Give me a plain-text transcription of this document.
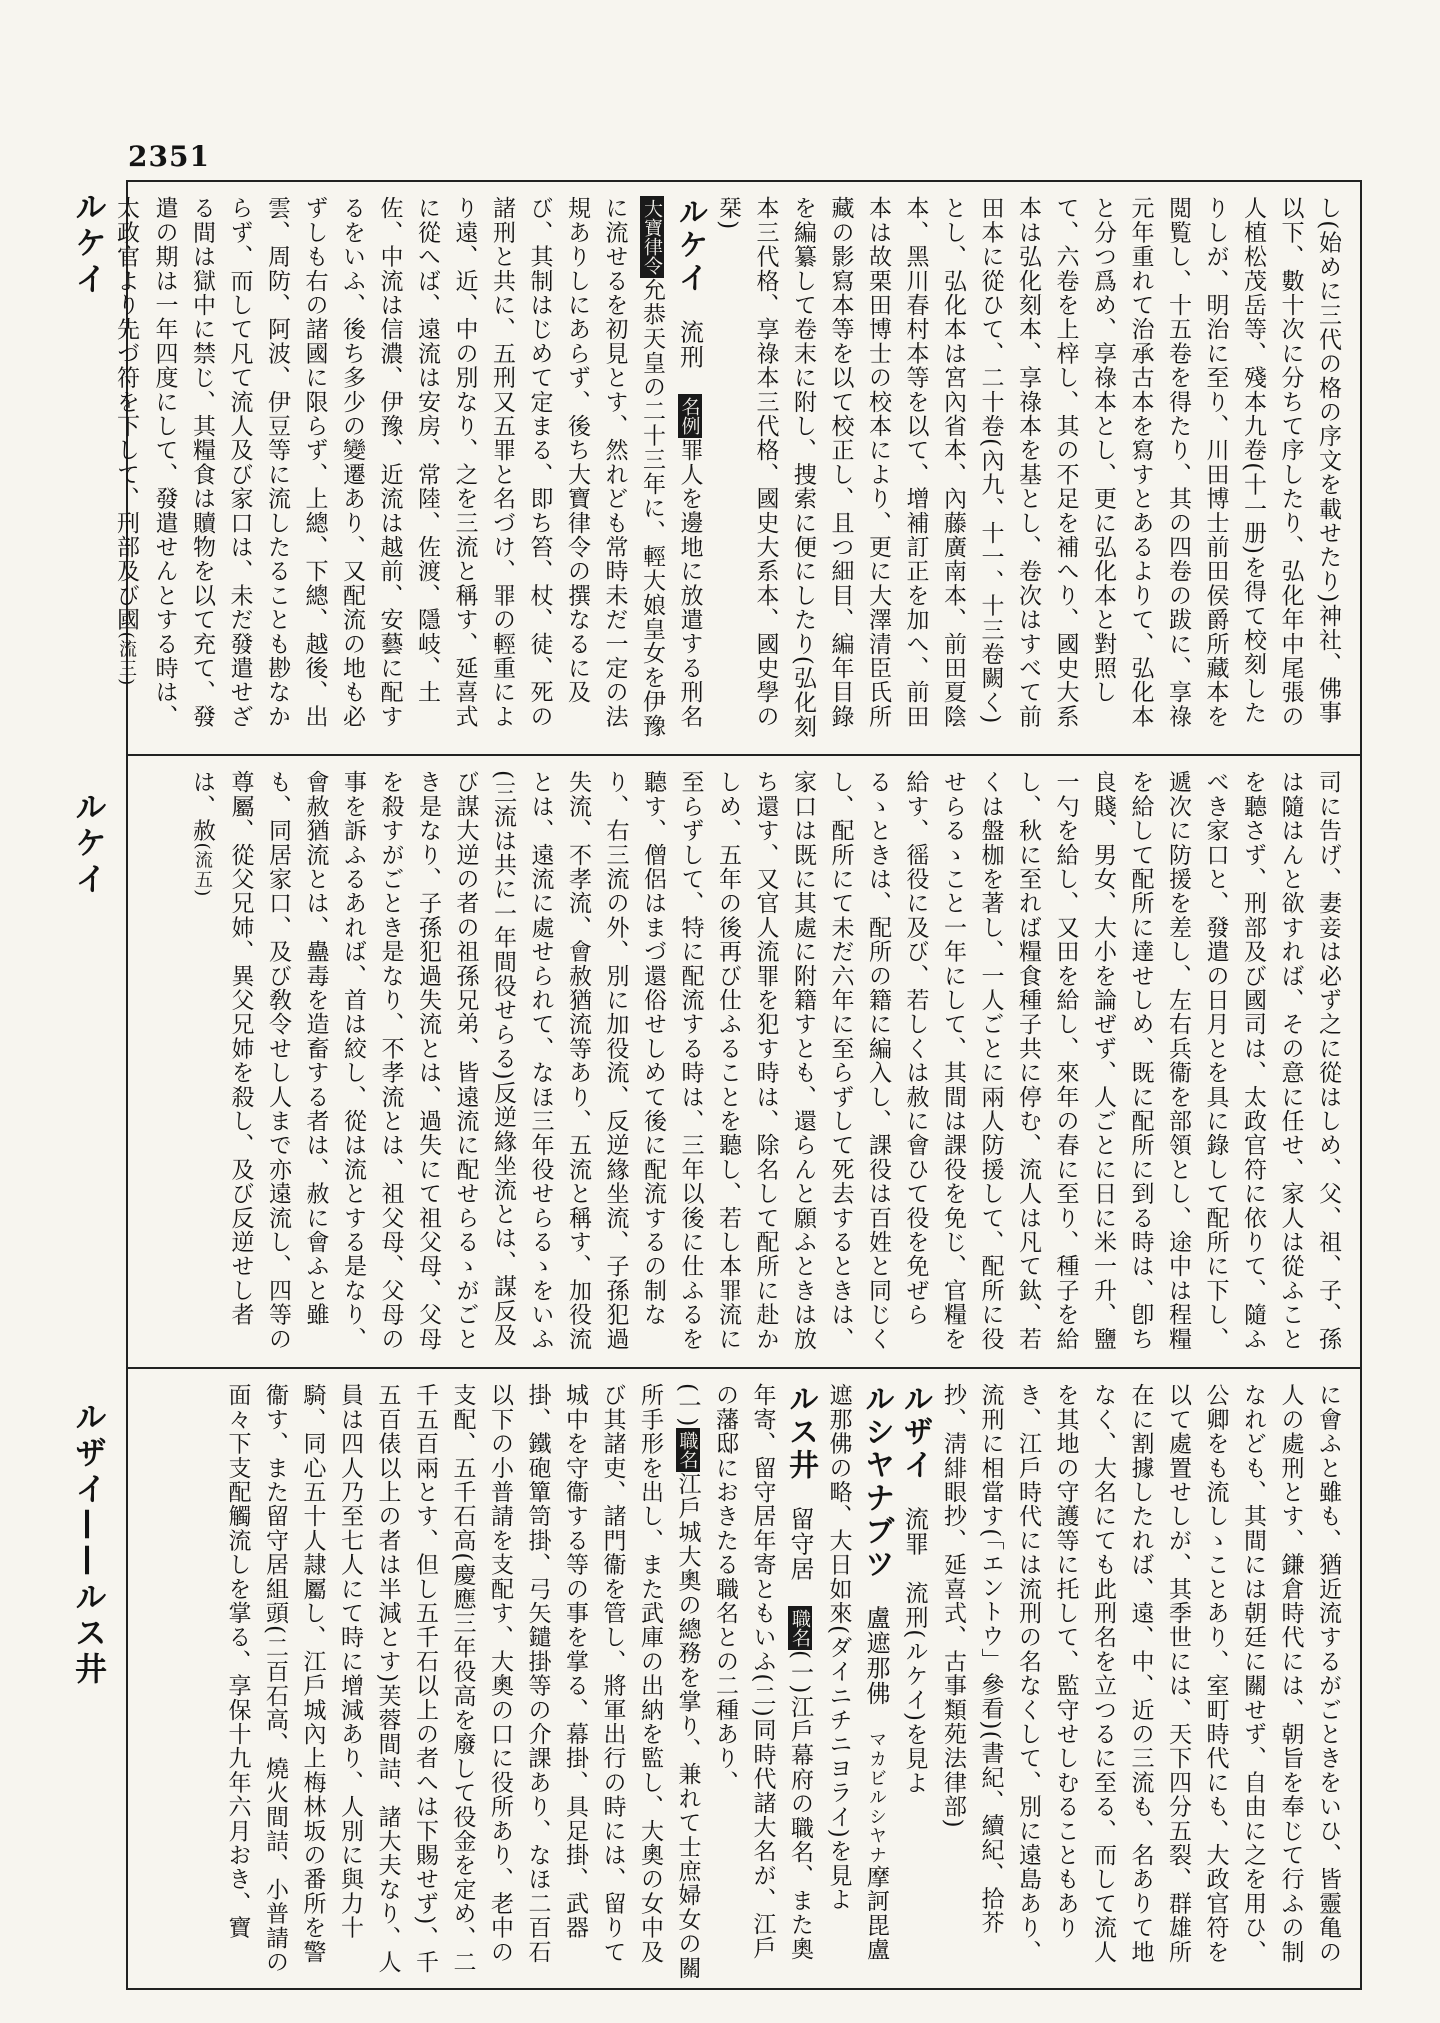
2351
ルケイ
ルケイ
ルザイ——ルス井
し(始めに三代の格の序文を載せたり)神社、佛事以下、數十次に分ちて序したり、弘化年中尾張の人植松茂岳等、殘本九卷(十一册)を得て校刻したりしが、明治に至り、川田博士前田侯爵所藏本を閲覧し、十五卷を得たり、其の四卷の跋に、享祿元年重れて治承古本を寫すとあるよりて、弘化本と分つ爲め、享祿本とし、更に弘化本と對照して、六卷を上梓し、其の不足を補へり、國史大系本は弘化刻本、享祿本を基とし、卷次はすべて前田本に從ひて、二十卷(內九、十一、十三卷闕く)とし、弘化本は宮內省本、內藤廣南本、前田夏陰本、黑川春村本等を以て、增補訂正を加へ、前田本は故栗田博士の校本により、更に大澤清臣氏所藏の影寫本等を以て校正し、且つ細目、編年目錄を編纂して卷末に附し、捜索に便にしたり(弘化刻本三代格、享祿本三代格、國史大系本、國史學の栞)
ルケイ　流刑　名例罪人を邊地に放遣する刑名大寶律令允恭天皇の二十三年に、輕大娘皇女を伊豫に流せるを初見とす、然れども常時未だ一定の法規ありしにあらず、後ち大寶律令の撰なるに及び、其制はじめて定まる、即ち笞、杖、徒、死の諸刑と共に、五刑又五罪と名づけ、罪の輕重により遠、近、中の別なり、之を三流と稱す、延喜式に從へば、遠流は安房、常陸、佐渡、隱岐、土佐、中流は信濃、伊豫、近流は越前、安藝に配するをいふ、後ち多少の變遷あり、又配流の地も必ずしも右の諸國に限らず、上總、下總、越後、出雲、周防、阿波、伊豆等に流したることも尠なからず、而して凡て流人及び家口は、未だ發遣せざる間は獄中に禁じ、其糧食は贖物を以て充て、發遣の期は一年四度にして、發遣せんとする時は、太政官より先づ符を下して、刑部及び國(流三)
司に告げ、妻妾は必ず之に從はしめ、父、祖、子、孫は隨はんと欲すれば、その意に任せ、家人は從ふことを聽さず、刑部及び國司は、太政官符に依りて、隨ふべき家口と、發遣の日月とを具に錄して配所に下し、遞次に防援を差し、左右兵衞を部領とし、途中は程糧を給して配所に達せしめ、既に配所に到る時は、卽ち良賤、男女、大小を論ぜず、人ごとに日に米一升、鹽一勺を給し、又田を給し、來年の春に至り、種子を給し、秋に至れば糧食種子共に停む、流人は凡て鈦、若くは盤枷を著し、一人ごとに兩人防援して、配所に役せらるゝこと一年にして、其間は課役を免じ、官糧を給す、徭役に及び、若しくは赦に會ひて役を免ぜらるゝときは、配所の籍に編入し、課役は百姓と同じくし、配所にて未だ六年に至らずして死去するときは、家口は既に其處に附籍すとも、還らんと願ふときは放ち還す、又官人流罪を犯す時は、除名して配所に赴かしめ、五年の後再び仕ふることを聽し、若し本罪流に至らずして、特に配流する時は、三年以後に仕ふるを聽す、僧侶はまづ還俗せしめて後に配流するの制なり、右三流の外、別に加役流、反逆緣坐流、子孫犯過失流、不孝流、會赦猶流等あり、五流と稱す、加役流とは、遠流に處せられて、なほ三年役せらるゝをいふ(三流は共に一年間役せらる)反逆緣坐流とは、謀反及び謀大逆の者の祖孫兄弟、皆遠流に配せらるゝがごとき是なり、子孫犯過失流とは、過失にて祖父母、父母を殺すがごとき是なり、不孝流とは、祖父母、父母の事を訴ふるあれば、首は絞し、從は流とする是なり、會赦猶流とは、蠱毒を造畜する者は、赦に會ふと雖も、同居家口、及び敎令せし人まで亦遠流し、四等の尊屬、從父兄姉、異父兄姉を殺し、及び反逆せし者は、赦(流五)
に會ふと雖も、猶近流するがごときをいひ、皆靈亀の人の處刑とす、鎌倉時代には、朝旨を奉じて行ふの制なれども、其間には朝廷に關せず、自由に之を用ひ、公卿をも流しゝことあり、室町時代にも、大政官符を以て處置せしが、其季世には、天下四分五裂、群雄所在に割據したれば、遠、中、近の三流も、名ありて地なく、大名にても此刑名を立つるに至る、而して流人を其地の守護等に托して、監守せしむることもありき、江戶時代には流刑の名なくして、別に遠島あり、流刑に相當す(「エントウ」參看)(書紀、續紀、拾芥抄、淸緋眼抄、延喜式、古事類苑法律部)
ルザイ　流罪　流刑(ルケイ)を見よ
ルシヤナブツ　盧遮那佛　マカビルシヤナ摩訶毘盧遮那佛の略、大日如來(ダイニチニヨライ)を見よ
ルス井　留守居　職名(一)江戶幕府の職名、また奧年寄、留守居年寄ともいふ(二)同時代諸大名が、江戶の藩邸におきたる職名との二種あり、
(一)職名江戶城大奧の總務を掌り、兼れて士庶婦女の關所手形を出し、また武庫の出納を監し、大奧の女中及び其諸吏、諸門衞を管し、將軍出行の時には、留りて城中を守衞する等の事を掌る、幕掛、具足掛、武器掛、鐵砲簞笥掛、弓矢鑓掛等の介課あり、なほ二百石以下の小普請を支配す、大奧の口に役所あり、老中の支配、五千石高(慶應三年役高を廢して役金を定め、二千五百兩とす、但し五千石以上の者へは下賜せず)、千五百俵以上の者は半減とす)芙蓉間詰、諸大夫なり、人員は四人乃至七人にて時に增減あり、人別に與力十騎、同心五十人隷屬し、江戶城內上梅林坂の番所を警衞す、また留守居組頭(二百石高、燒火間詰、小普請の面々下支配觸流しを掌る、享保十九年六月おき、寶
